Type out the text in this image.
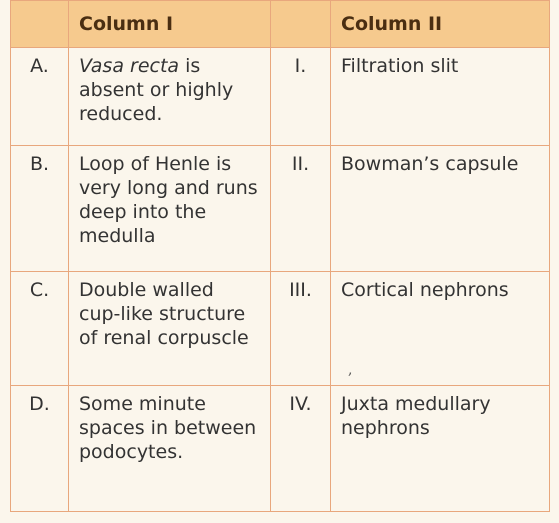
	Column I		Column II
A.	Vasa recta is absent or highly reduced.	I.	Filtration slit
B.	Loop of Henle is very long and runs deep into the medulla	II.	Bowman’s capsule
C.	Double walled cup-like structure of renal corpuscle	III.	Cortical nephrons
D.	Some minute spaces in between podocytes.	IV.	Juxta medullary nephrons
,
